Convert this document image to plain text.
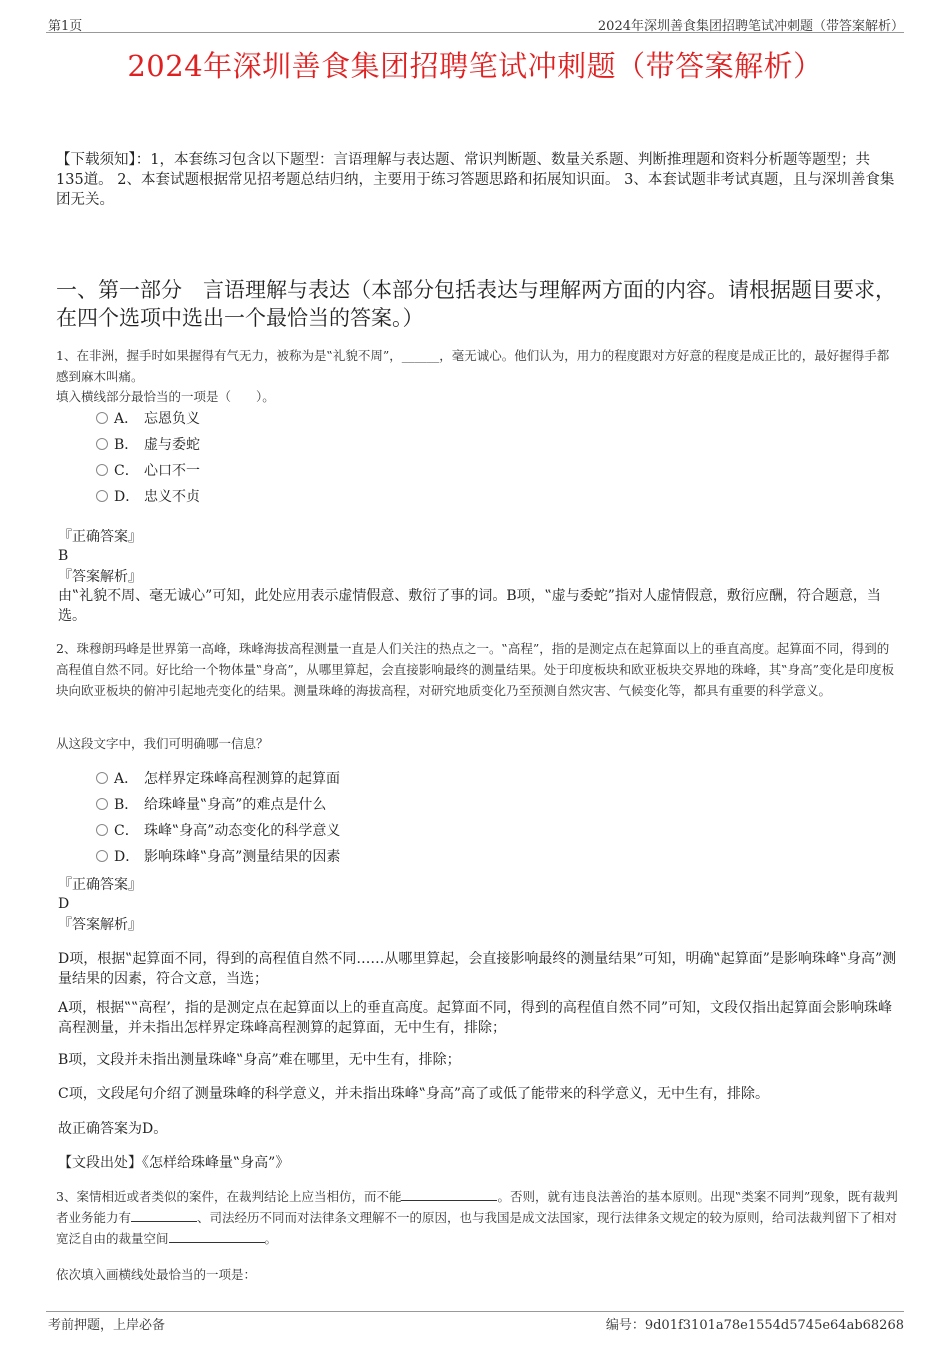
第1页	2024年深圳善食集团招聘笔试冲刺题（带答案解析）
2024年深圳善食集团招聘笔试冲刺题（带答案解析）
【下载须知】：1，本套练习包含以下题型：言语理解与表达题、常识判断题、数量关系题、判断推理题和资料分析题等题型；共135道。 2、本套试题根据常见招考题总结归纳，主要用于练习答题思路和拓展知识面。 3、本套试题非考试真题，且与深圳善食集团无关。
一、第一部分　言语理解与表达（本部分包括表达与理解两方面的内容。请根据题目要求，在四个选项中选出一个最恰当的答案。）
1、在非洲，握手时如果握得有气无力，被称为是‟礼貌不周”，______，毫无诚心。他们认为，用力的程度跟对方好意的程度是成正比的，最好握得手都感到麻木叫痛。
填入横线部分最恰当的一项是（　　）。
A． 忘恩负义
B． 虚与委蛇
C． 心口不一
D． 忠义不贞
『正确答案』
B
『答案解析』
由‟礼貌不周、毫无诚心”可知，此处应用表示虚情假意、敷衍了事的词。B项，‟虚与委蛇”指对人虚情假意，敷衍应酬，符合题意，当选。
2、珠穆朗玛峰是世界第一高峰，珠峰海拔高程测量一直是人们关注的热点之一。‟高程”，指的是测定点在起算面以上的垂直高度。起算面不同，得到的高程值自然不同。好比给一个物体量‟身高”，从哪里算起，会直接影响最终的测量结果。处于印度板块和欧亚板块交界地的珠峰，其‟身高”变化是印度板块向欧亚板块的俯冲引起地壳变化的结果。测量珠峰的海拔高程，对研究地质变化乃至预测自然灾害、气候变化等，都具有重要的科学意义。
从这段文字中，我们可明确哪一信息？
A． 怎样界定珠峰高程测算的起算面
B． 给珠峰量‟身高”的难点是什么
C． 珠峰‟身高”动态变化的科学意义
D． 影响珠峰‟身高”测量结果的因素
『正确答案』
D
『答案解析』
D项，根据‟起算面不同，得到的高程值自然不同……从哪里算起，会直接影响最终的测量结果”可知，明确‟起算面”是影响珠峰‟身高”测量结果的因素，符合文意，当选；
A项，根据‟‟高程’，指的是测定点在起算面以上的垂直高度。起算面不同，得到的高程值自然不同”可知，文段仅指出起算面会影响珠峰高程测量，并未指出怎样界定珠峰高程测算的起算面，无中生有，排除；
B项，文段并未指出测量珠峰‟身高”难在哪里，无中生有，排除；
C项，文段尾句介绍了测量珠峰的科学意义，并未指出珠峰‟身高”高了或低了能带来的科学意义，无中生有，排除。
故正确答案为D。
【文段出处】《怎样给珠峰量‟身高”》
3、案情相近或者类似的案件，在裁判结论上应当相仿，而不能	。否则，就有违良法善治的基本原则。出现‟类案不同判”现象，既有裁判者业务能力有	、司法经历不同而对法律条文理解不一的原因，也与我国是成文法国家，现行法律条文规定的较为原则，给司法裁判留下了相对宽泛自由的裁量空间	。
依次填入画横线处最恰当的一项是：
考前押题，上岸必备	编号：9d01f3101a78e1554d5745e64ab68268
